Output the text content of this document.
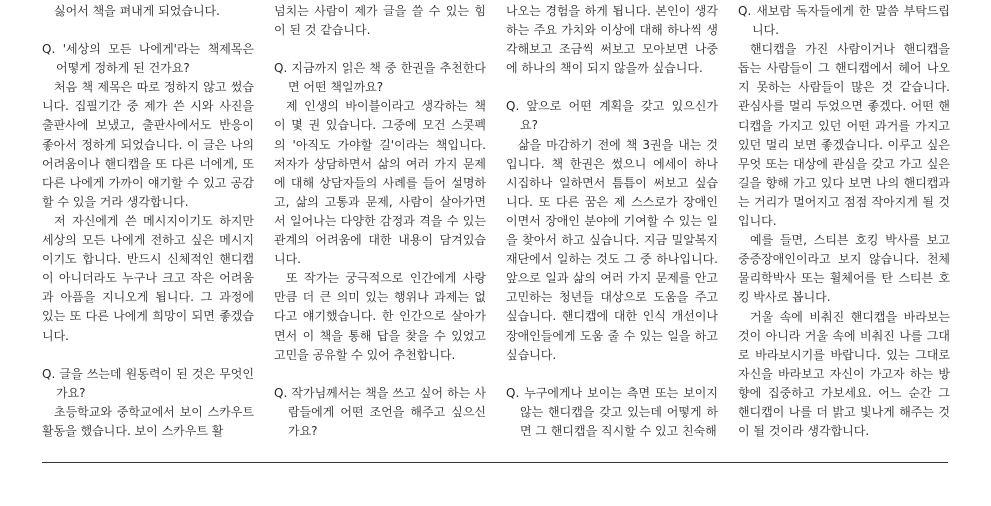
싫어서 책을 펴내게 되었습니다.

Q. '세상의 모든 나에게'라는 책제목은 어떻게 정하게 된 건가요?

처음 책 제목은 따로 정하지 않고 썼습니다. 집필기간 중 제가 쓴 시와 사진을 출판사에 보냈고, 출판사에서도 반응이 좋아서 정하게 되었습니다. 이 글은 나의 어려움이나 핸디캡을 또 다른 너에게, 또 다른 나에게 가까이 얘기할 수 있고 공감 할 수 있을 거라 생각합니다.

저 자신에게 쓴 메시지이기도 하지만 세상의 모든 나에게 전하고 싶은 메시지이기도 합니다. 반드시 신체적인 핸디캡이 아니더라도 누구나 크고 작은 어려움과 아픔을 지니오게 됩니다. 그 과정에 있는 또 다른 나에게 희망이 되면 좋겠습니다.

Q. 글을 쓰는데 원동력이 된 것은 무엇인가요?

초등학교와 중학교에서 보이 스카우트 활동을 했습니다. 보이 스카우트 활

넘치는 사람이 제가 글을 쓸 수 있는 힘이 된 것 같습니다.

Q. 지금까지 읽은 책 중 한권을 추천한다면 어떤 책일까요?

제 인생의 바이블이라고 생각하는 책이 몇 권 있습니다. 그중에 모건 스콧펙의 '아직도 가야할 길'이라는 책입니다. 저자가 상담하면서 삶의 여러 가지 문제에 대해 상담자들의 사례를 들어 설명하고, 삶의 고통과 문제, 사람이 살아가면서 일어나는 다양한 감정과 격을 수 있는 관계의 어려움에 대한 내용이 담겨있습니다.

또 작가는 궁극적으로 인간에게 사랑만큼 더 큰 의미 있는 행위나 과제는 없다고 얘기했습니다. 한 인간으로 살아가면서 이 책을 통해 답을 찾을 수 있었고 고민을 공유할 수 있어 추천합니다.

Q. 작가님께서는 책을 쓰고 싶어 하는 사람들에게 어떤 조언을 해주고 싶으신가요?

나오는 경험을 하게 됩니다. 본인이 생각하는 주요 가치와 이상에 대해 하나씩 생각해보고 조금씩 써보고 모아보면 나중에 하나의 책이 되지 않을까 싶습니다.

Q. 앞으로 어떤 계획을 갖고 있으신가요?

삶을 마감하기 전에 책 3권을 내는 것입니다. 책 한권은 썼으니 에세이 하나 시집하나 일하면서 틈틈이 써보고 싶습니다. 또 다른 꿈은 제 스스로가 장애인이면서 장애인 분야에 기여할 수 있는 일을 찾아서 하고 싶습니다. 지금 밀알복지재단에서 일하는 것도 그 중 하나입니다. 앞으로 일과 삶의 여러 가지 문제를 안고 고민하는 청년들 대상으로 도움을 주고 싶습니다. 핸디캡에 대한 인식 개선이나 장애인들에게 도움 줄 수 있는 일을 하고 싶습니다.

Q. 누구에게나 보이는 측면 또는 보이지 않는 핸디캡을 갖고 있는데 어떻게 하면 그 핸디캡을 직시할 수 있고 친숙해

Q. 새보람 독자들에게 한 말씀 부탁드립니다.

핸디캡을 가진 사람이거나 핸디캡을 돕는 사람들이 그 핸디캡에서 헤어 나오지 못하는 사람들이 많은 것 같습니다. 관심사를 멀리 두었으면 좋겠다. 어떤 핸디캡을 가지고 있던 어떤 과거를 가지고 있던 멀리 보면 좋겠습니다. 이루고 싶은 무엇 또는 대상에 관심을 갖고 가고 싶은 길을 향해 가고 있다 보면 나의 핸디캡과는 거리가 멀어지고 점점 작아지게 될 것입니다.

예를 들면, 스티븐 호킹 박사를 보고 중증장애인이라고 보지 않습니다. 천체물리학박사 또는 휠체어를 탄 스티븐 호킹 박사로 봅니다.

거울 속에 비춰진 핸디캡을 바라보는 것이 아니라 거울 속에 비춰진 나를 그대로 바라보시기를 바랍니다. 있는 그대로 자신을 바라보고 자신이 가고자 하는 방향에 집중하고 가보세요. 어느 순간 그 핸디캡이 나를 더 밝고 빛나게 해주는 것이 될 것이라 생각합니다.
